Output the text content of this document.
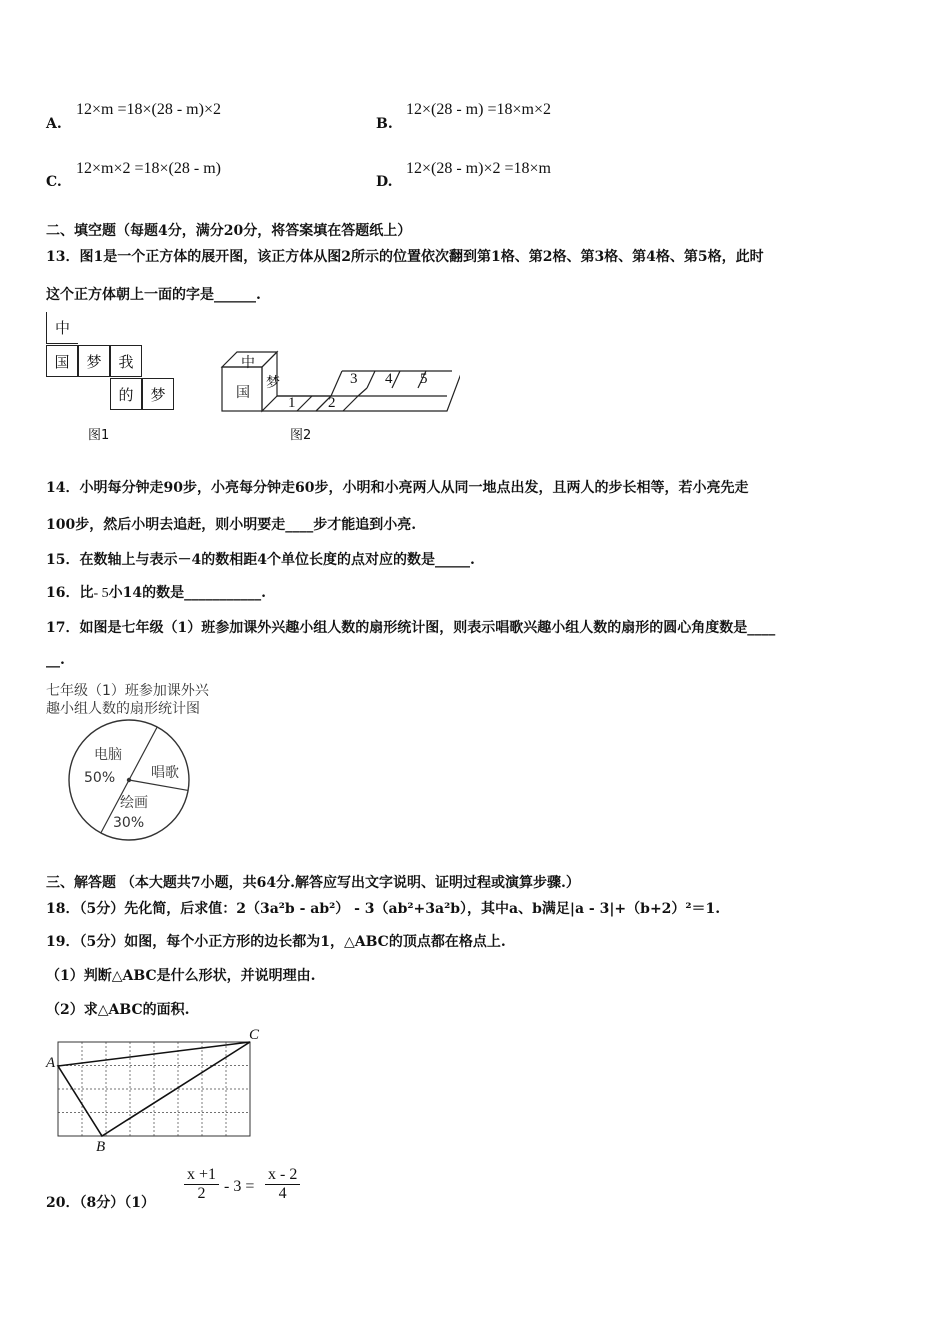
A.
12×m =18×(28 - m)×2
B.
12×(28 - m) =18×m×2
C.
12×m×2 =18×(28 - m)
D.
12×(28 - m)×2 =18×m
二、填空题（每题4分，满分20分，将答案填在答题纸上）
13．图1是一个正方体的展开图，该正方体从图2所示的位置依次翻到第1格、第2格、第3格、第4格、第5格，此时
这个正方体朝上一面的字是______.
中
国	梦	我
的	梦
图1
中
国
梦
1 2
3 4 5
图2
14．小明每分钟走90步，小亮每分钟走60步，小明和小亮两人从同一地点出发，且两人的步长相等，若小亮先走
100步，然后小明去追赶，则小明要走____步才能追到小亮.
15．在数轴上与表示－4的数相距4个单位长度的点对应的数是_____.
16．比- 5小14的数是___________.
17．如图是七年级（1）班参加课外兴趣小组人数的扇形统计图，则表示唱歌兴趣小组人数的扇形的圆心角度数是____
__.
七年级（1）班参加课外兴
趣小组人数的扇形统计图
电脑
50%	唱歌
绘画
30%
三、解答题 （本大题共7小题，共64分.解答应写出文字说明、证明过程或演算步骤.）
18．（5分）先化简，后求值：2（3a²b - ab²） - 3（ab²+3a²b），其中a、b满足|a - 3|+（b+2）²＝1.
19．（5分）如图，每个小正方形的边长都为1，△ABC的顶点都在格点上.
（1）判断△ABC是什么形状，并说明理由.
（2）求△ABC的面积.
A
B
C
20．（8分）$(1) \frac{x +1}{2} - 3 = \frac{x - 2}{4}$
